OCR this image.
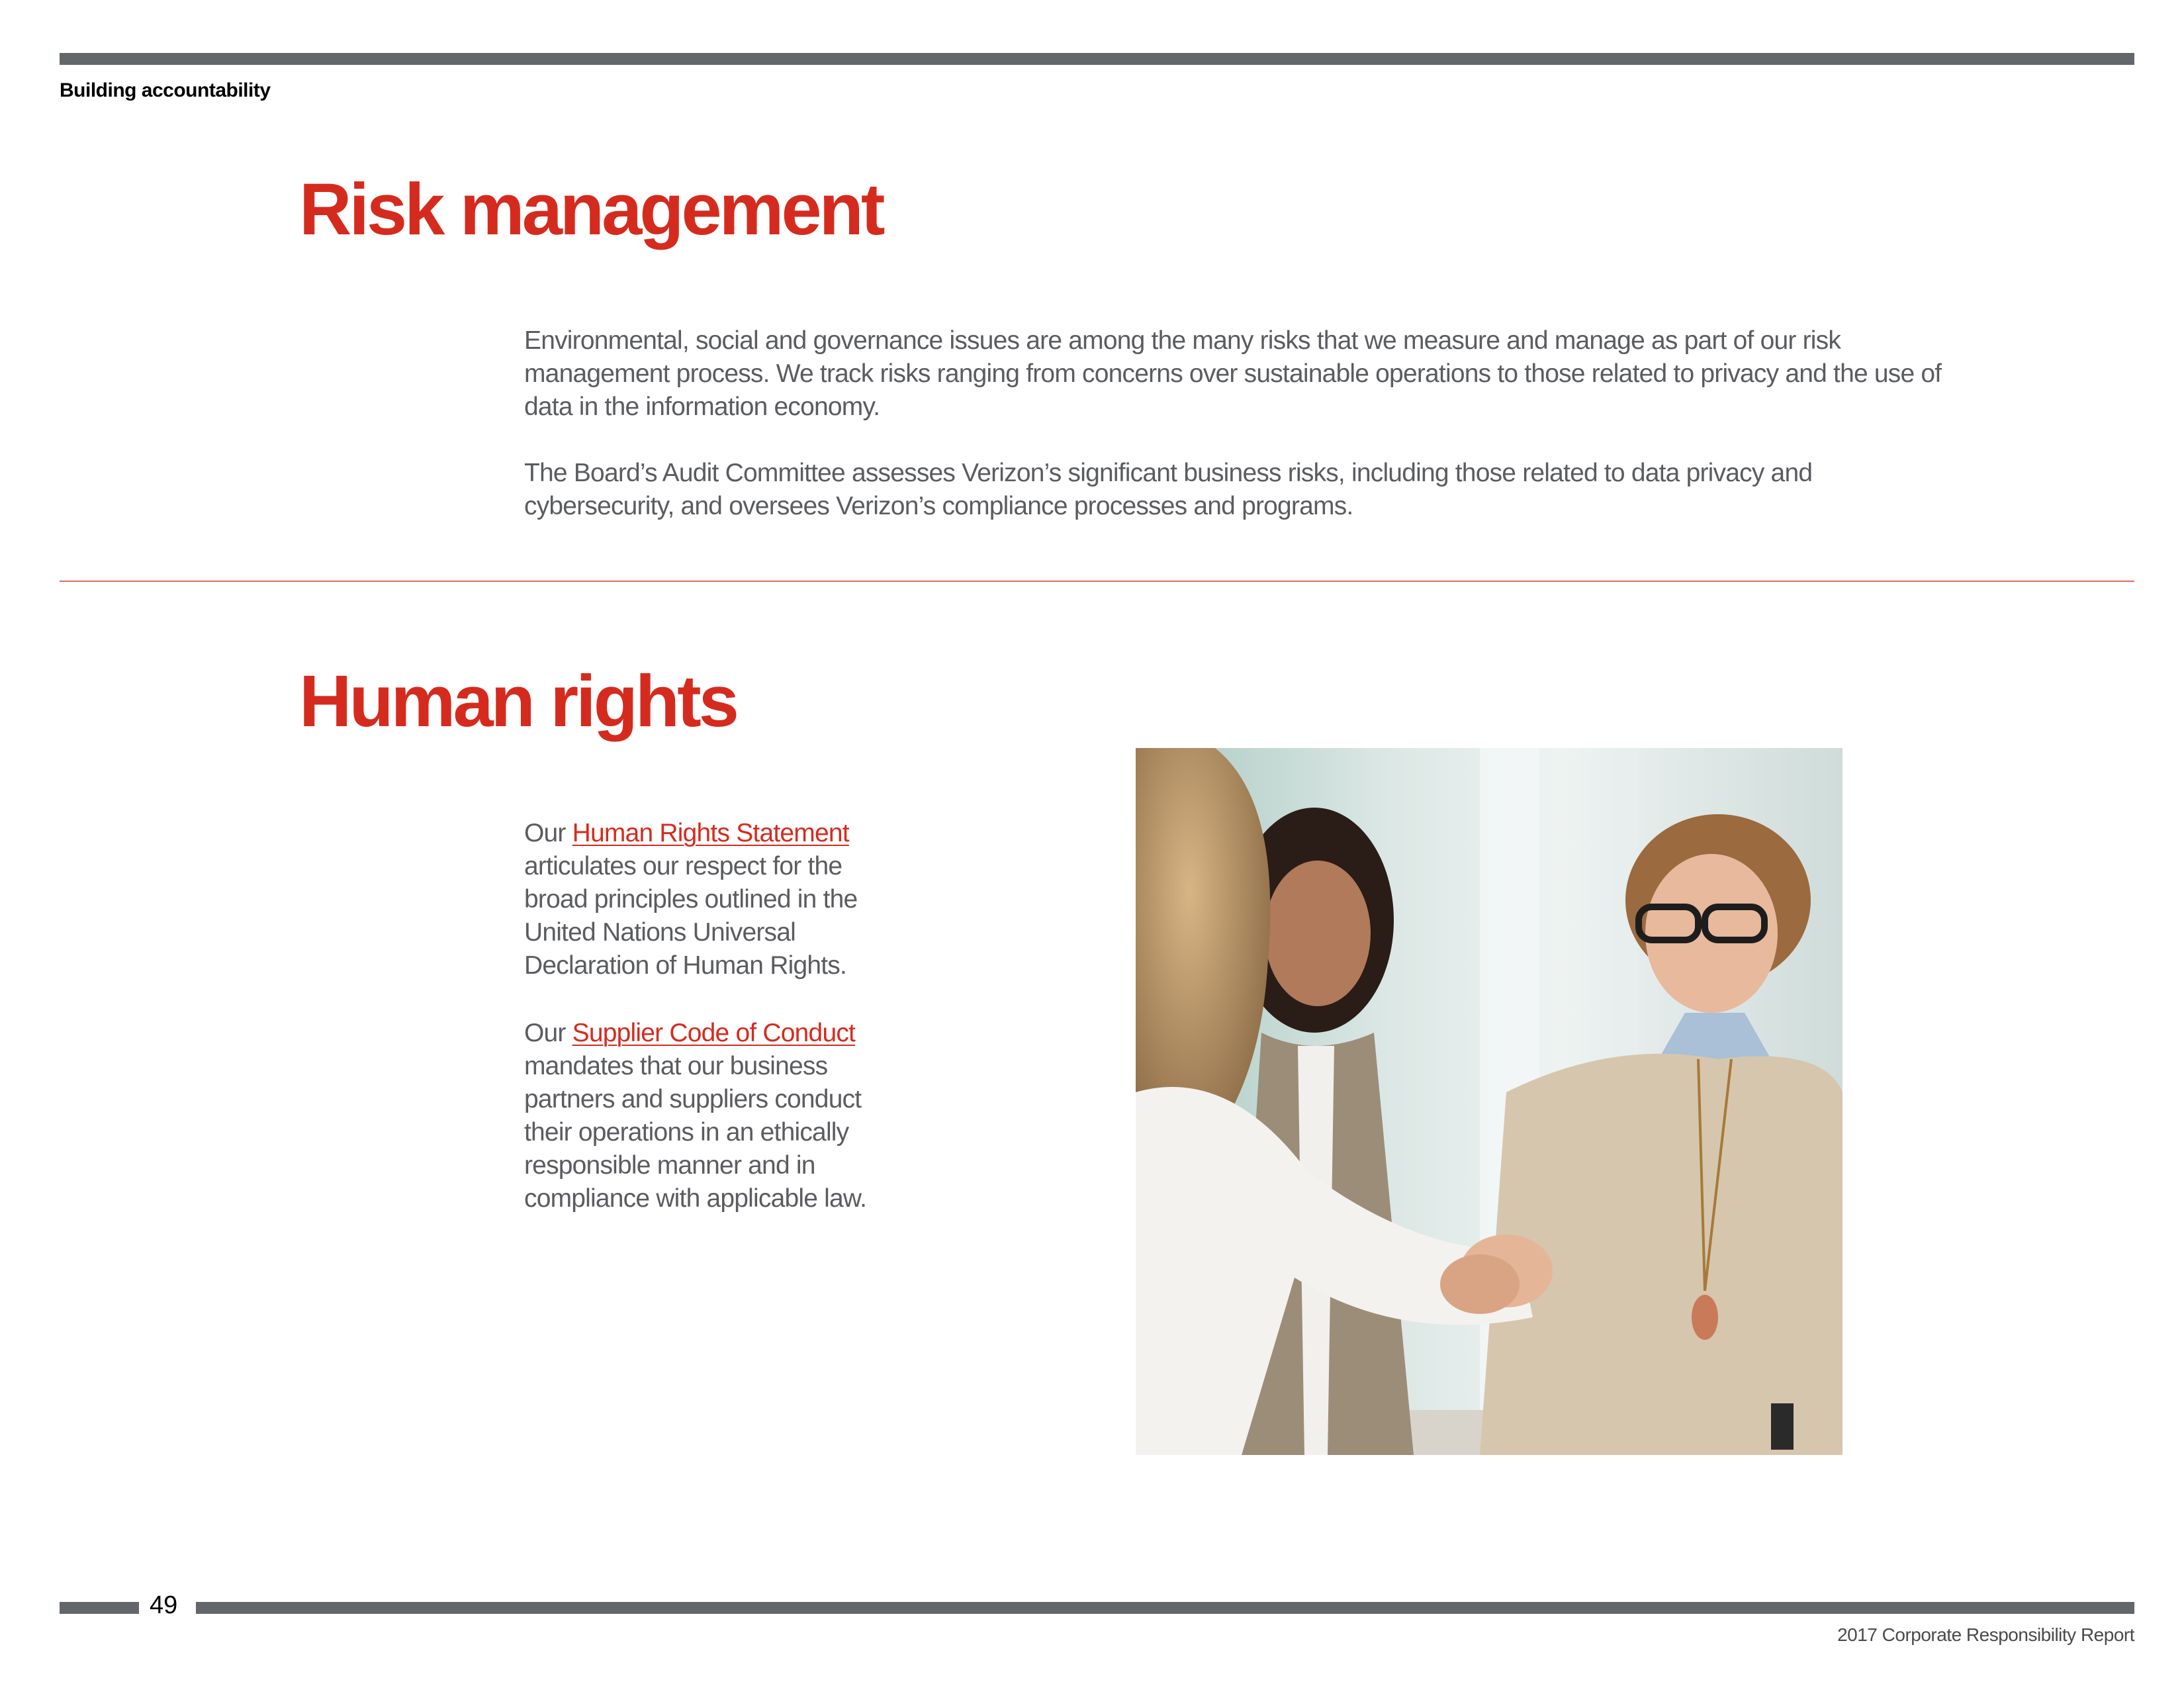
Building accountability
Risk management

Environmental, social and governance issues are among the many risks that we measure and manage as part of our risk management process. We track risks ranging from concerns over sustainable operations to those related to privacy and the use of data in the information economy.

The Board’s Audit Committee assesses Verizon’s significant business risks, including those related to data privacy and cybersecurity, and oversees Verizon’s compliance processes and programs.

Human rights

Our Human Rights Statement articulates our respect for the broad principles outlined in the United Nations Universal Declaration of Human Rights.

Our Supplier Code of Conduct mandates that our business partners and suppliers conduct their operations in an ethically responsible manner and in compliance with applicable law.

49
2017 Corporate Responsibility Report
